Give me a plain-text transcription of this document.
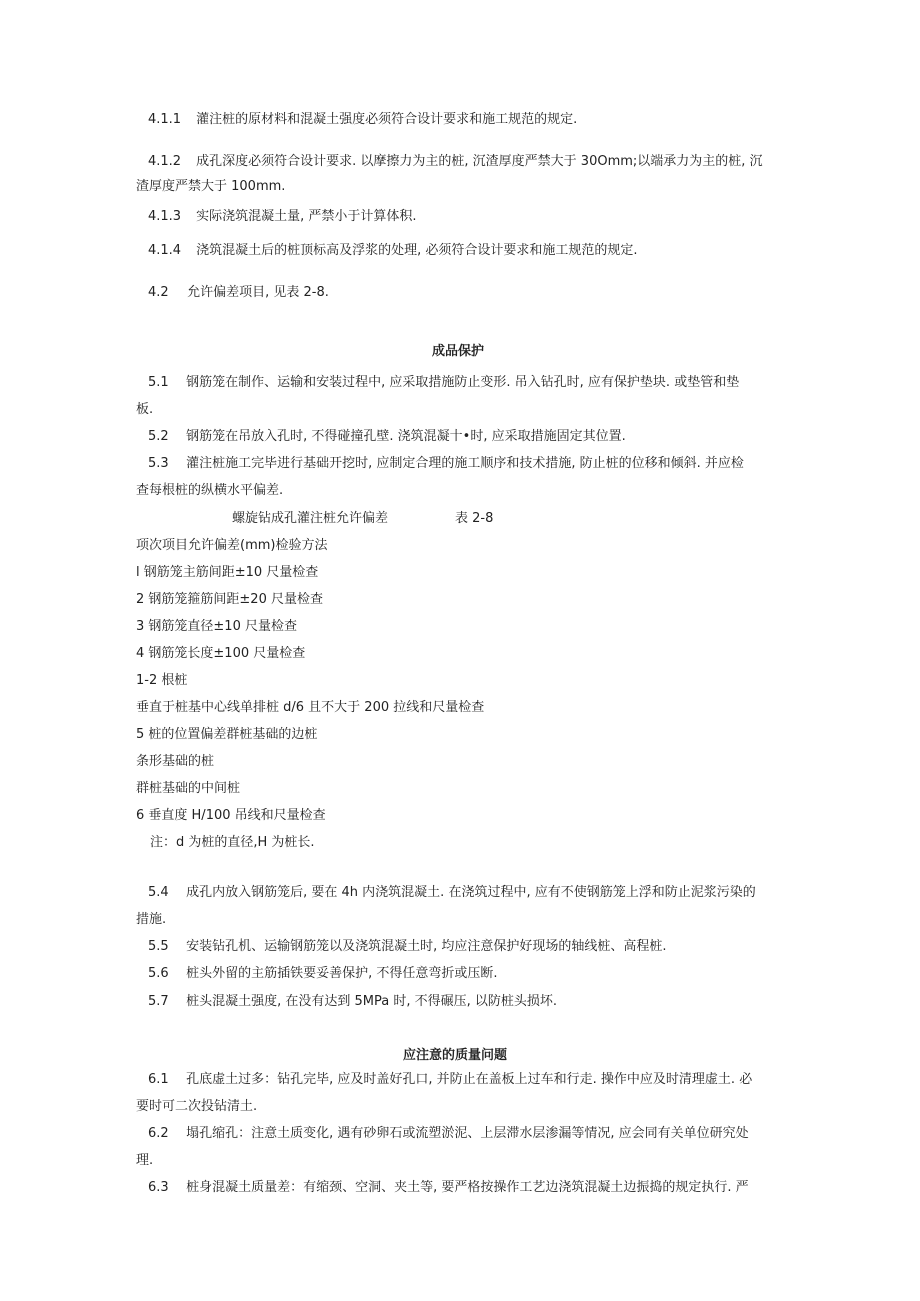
4.1.1 灌注桩的原材料和混凝土强度必须符合设计要求和施工规范的规定.
4.1.2 成孔深度必须符合设计要求. 以摩擦力为主的桩, 沉渣厚度严禁大于 30Omm;以端承力为主的桩, 沉
渣厚度严禁大于 100mm.
4.1.3 实际浇筑混凝土量, 严禁小于计算体积.
4.1.4 浇筑混凝土后的桩顶标高及浮浆的处理, 必须符合设计要求和施工规范的规定.
4.2 允许偏差项目, 见表 2-8.
成品保护
5.1 钢筋笼在制作、运输和安装过程中, 应采取措施防止变形. 吊入钻孔时, 应有保护垫块. 或垫管和垫
板.
5.2 钢筋笼在吊放入孔时, 不得碰撞孔壁. 浇筑混凝十•时, 应采取措施固定其位置.
5.3 灌注桩施工完毕进行基础开挖时, 应制定合理的施工顺序和技术措施, 防止桩的位移和倾斜. 并应检
查每根桩的纵横水平偏差.
螺旋钻成孔灌注桩允许偏差	表 2-8
项次项目允许偏差(mm)检验方法
l 钢筋笼主筋间距±10 尺量检查
2 钢筋笼箍筋间距±20 尺量检查
3 钢筋笼直径±10 尺量检查
4 钢筋笼长度±100 尺量检查
1-2 根桩
垂直于桩基中心线单排桩 d/6 且不大于 200 拉线和尺量检查
5 桩的位置偏差群桩基础的边桩
条形基础的桩
群桩基础的中间桩
6 垂直度 H/100 吊线和尺量检查
注：d 为桩的直径,H 为桩长.
5.4 成孔内放入钢筋笼后, 要在 4h 内浇筑混凝土. 在浇筑过程中, 应有不使钢筋笼上浮和防止泥浆污染的
措施.
5.5 安装钻孔机、运输钢筋笼以及浇筑混凝土时, 均应注意保护好现场的轴线桩、高程桩.
5.6 桩头外留的主筋插铁要妥善保护, 不得任意弯折或压断.
5.7 桩头混凝土强度, 在没有达到 5MPa 时, 不得碾压, 以防桩头损坏.
应注意的质量问题
6.1 孔底虚土过多：钻孔完毕, 应及时盖好孔口, 并防止在盖板上过车和行走. 操作中应及时清理虚土. 必
要时可二次投钻清土.
6.2 塌孔缩孔：注意土质变化, 遇有砂卵石或流塑淤泥、上层滞水层渗漏等情况, 应会同有关单位研究处
理.
6.3 桩身混凝土质量差：有缩颈、空洞、夹土等, 要严格按操作工艺边浇筑混凝土边振捣的规定执行. 严
